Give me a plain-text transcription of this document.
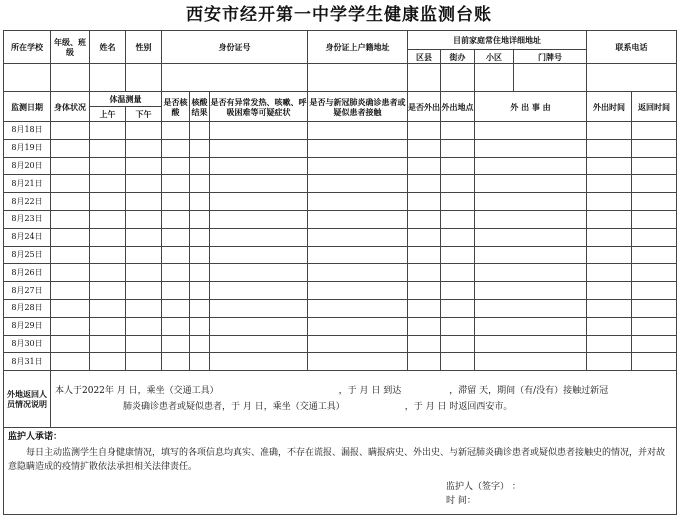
西安市经开第一中学学生健康监测台账
所在学校	年级、班级	姓名	性别	身份证号			身份证上户籍地址	目前家庭常住地详细地址				联系电话	
								区县	街办	小区	门牌号		

监测日期	身体状况	体温测量		是否核酸	核酸结果	是否有异常发热、咳嗽、呼吸困难等可疑症状	是否与新冠肺炎确诊患者或疑似患者接触	是否外出	外出地点	外 出 事 由		外出时间	返回时间
		上午	下午										
8月18日													
8月19日													
8月20日													
8月21日													
8月22日													
8月23日													
8月24日													
8月25日													
8月26日													
8月27日													
8月28日													
8月29日													
8月30日													
8月31日													
外地返回人员情况说明	本人于2022年 月 日，乘坐（交通工具） ，于 月 日 到达 ，滞留 天，期间（有/没有）接触过新冠
肺炎确诊患者或疑似患者，于 月 日，乘坐（交通工具） ，于 月 日 时返回西安市。												

监护人承诺：
每日主动监测学生自身健康情况，填写的各项信息均真实、准确，不存在谎报、漏报、瞒报病史、外出史、与新冠肺炎确诊患者或疑似患者接触史的情况，并对故意隐瞒造成的疫情扩散依法承担相关法律责任。
监护人（签字） ：
时 间：													
